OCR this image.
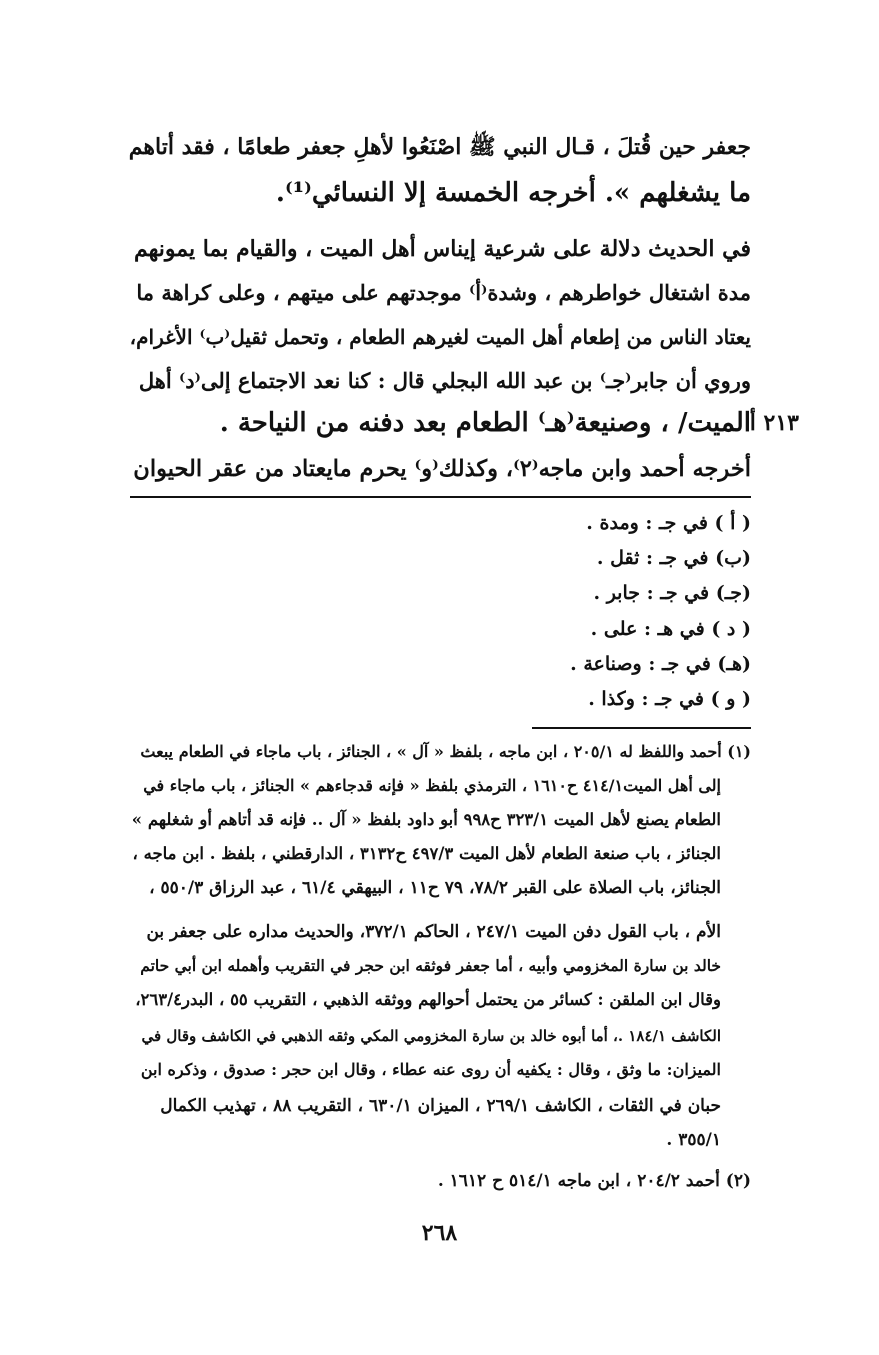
جعفر حين قُتلَ ، قـال النبي ﷺ اصْنَعُوا لأهلِ جعفر طعامًا ، فقد أتاهم
ما يشغلهم ». أخرجه الخمسة إلا النسائي⁽¹⁾.
في الحديث دلالة على شرعية إيناس أهل الميت ، والقيام بما يمونهم
مدة اشتغال خواطرهم ، وشدة⁽أ⁾ موجدتهم على ميتهم ، وعلى كراهة ما
يعتاد الناس من إطعام أهل الميت لغيرهم الطعام ، وتحمل ثقيل⁽ب⁾ الأغرام،
وروي أن جابر⁽جـ⁾ بن عبد الله البجلي قال : كنا نعد الاجتماع إلى⁽د⁾ أهل
الميت/ ، وصنيعة⁽هـ⁾ الطعام بعد دفنه من النياحة .
أخرجه أحمد وابن ماجه⁽٢⁾، وكذلك⁽و⁾ يحرم مايعتاد من عقر الحيوان
٢١٣ أ
( أ ) في جـ : ومدة .
(ب) في جـ : ثقل .
(جـ) في جـ : جابر .
( د ) في هـ : على .
(هـ) في جـ : وصناعة .
( و ) في جـ : وكذا .
(١) أحمد واللفظ له ٢٠٥/١ ، ابن ماجه ، بلفظ « آل » ، الجنائز ، باب ماجاء في الطعام يبعث
إلى أهل الميت٤١٤/١ ح١٦١٠ ، الترمذي بلفظ « فإنه قدجاءهم » الجنائز ، باب ماجاء في
الطعام يصنع لأهل الميت ٣٢٣/١ ح٩٩٨ أبو داود بلفظ « آل .. فإنه قد أتاهم أو شغلهم »
الجنائز ، باب صنعة الطعام لأهل الميت ٤٩٧/٣ ح٣١٣٢ ، الدارقطني ، بلفظ . ابن ماجه ،
الجنائز، باب الصلاة على القبر ٧٨/٢، ٧٩ ح١١ ، البيهقي ٦١/٤ ، عبد الرزاق ٥٥٠/٣ ،
الأم ، باب القول دفن الميت ٢٤٧/١ ، الحاكم ٣٧٢/١، والحديث مداره على جعفر بن
خالد بن سارة المخزومي وأبيه ، أما جعفر فوثقه ابن حجر في التقريب وأهمله ابن أبي حاتم
وقال ابن الملقن : كسائر من يحتمل أحوالهم ووثقه الذهبي ، التقريب ٥٥ ، البدر٢٦٣/٤،
الكاشف ١٨٤/١ .، أما أبوه خالد بن سارة المخزومي المكي وثقه الذهبي في الكاشف وقال في
الميزان: ما وثق ، وقال : يكفيه أن روى عنه عطاء ، وقال ابن حجر : صدوق ، وذكره ابن
حبان في الثقات ، الكاشف ٢٦٩/١ ، الميزان ٦٣٠/١ ، التقريب ٨٨ ، تهذيب الكمال
٣٥٥/١ .
(٢) أحمد ٢٠٤/٢ ، ابن ماجه ٥١٤/١ ح ١٦١٢ .
٢٦٨
